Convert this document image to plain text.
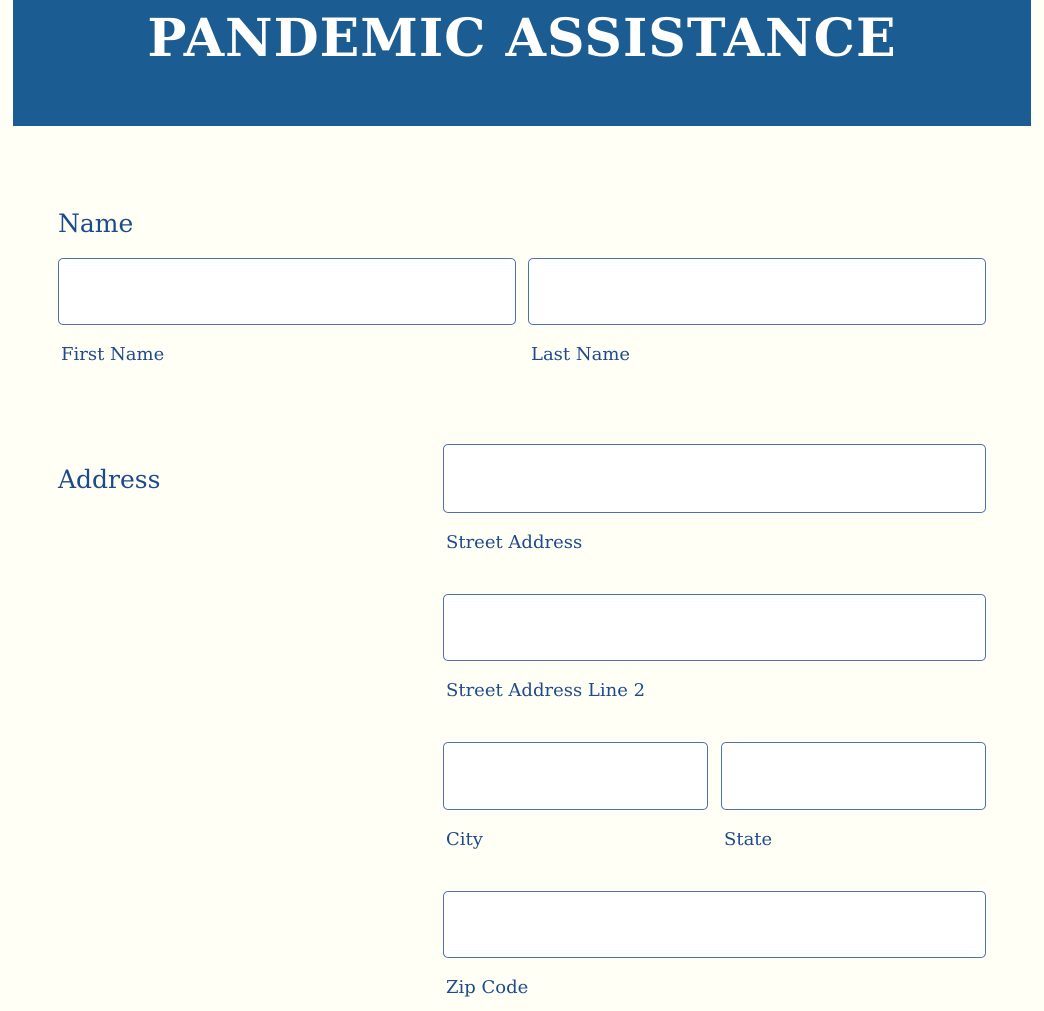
PANDEMIC ASSISTANCE
Name
First Name	Last Name
Address
Street Address
Street Address Line 2
City	State
Zip Code
